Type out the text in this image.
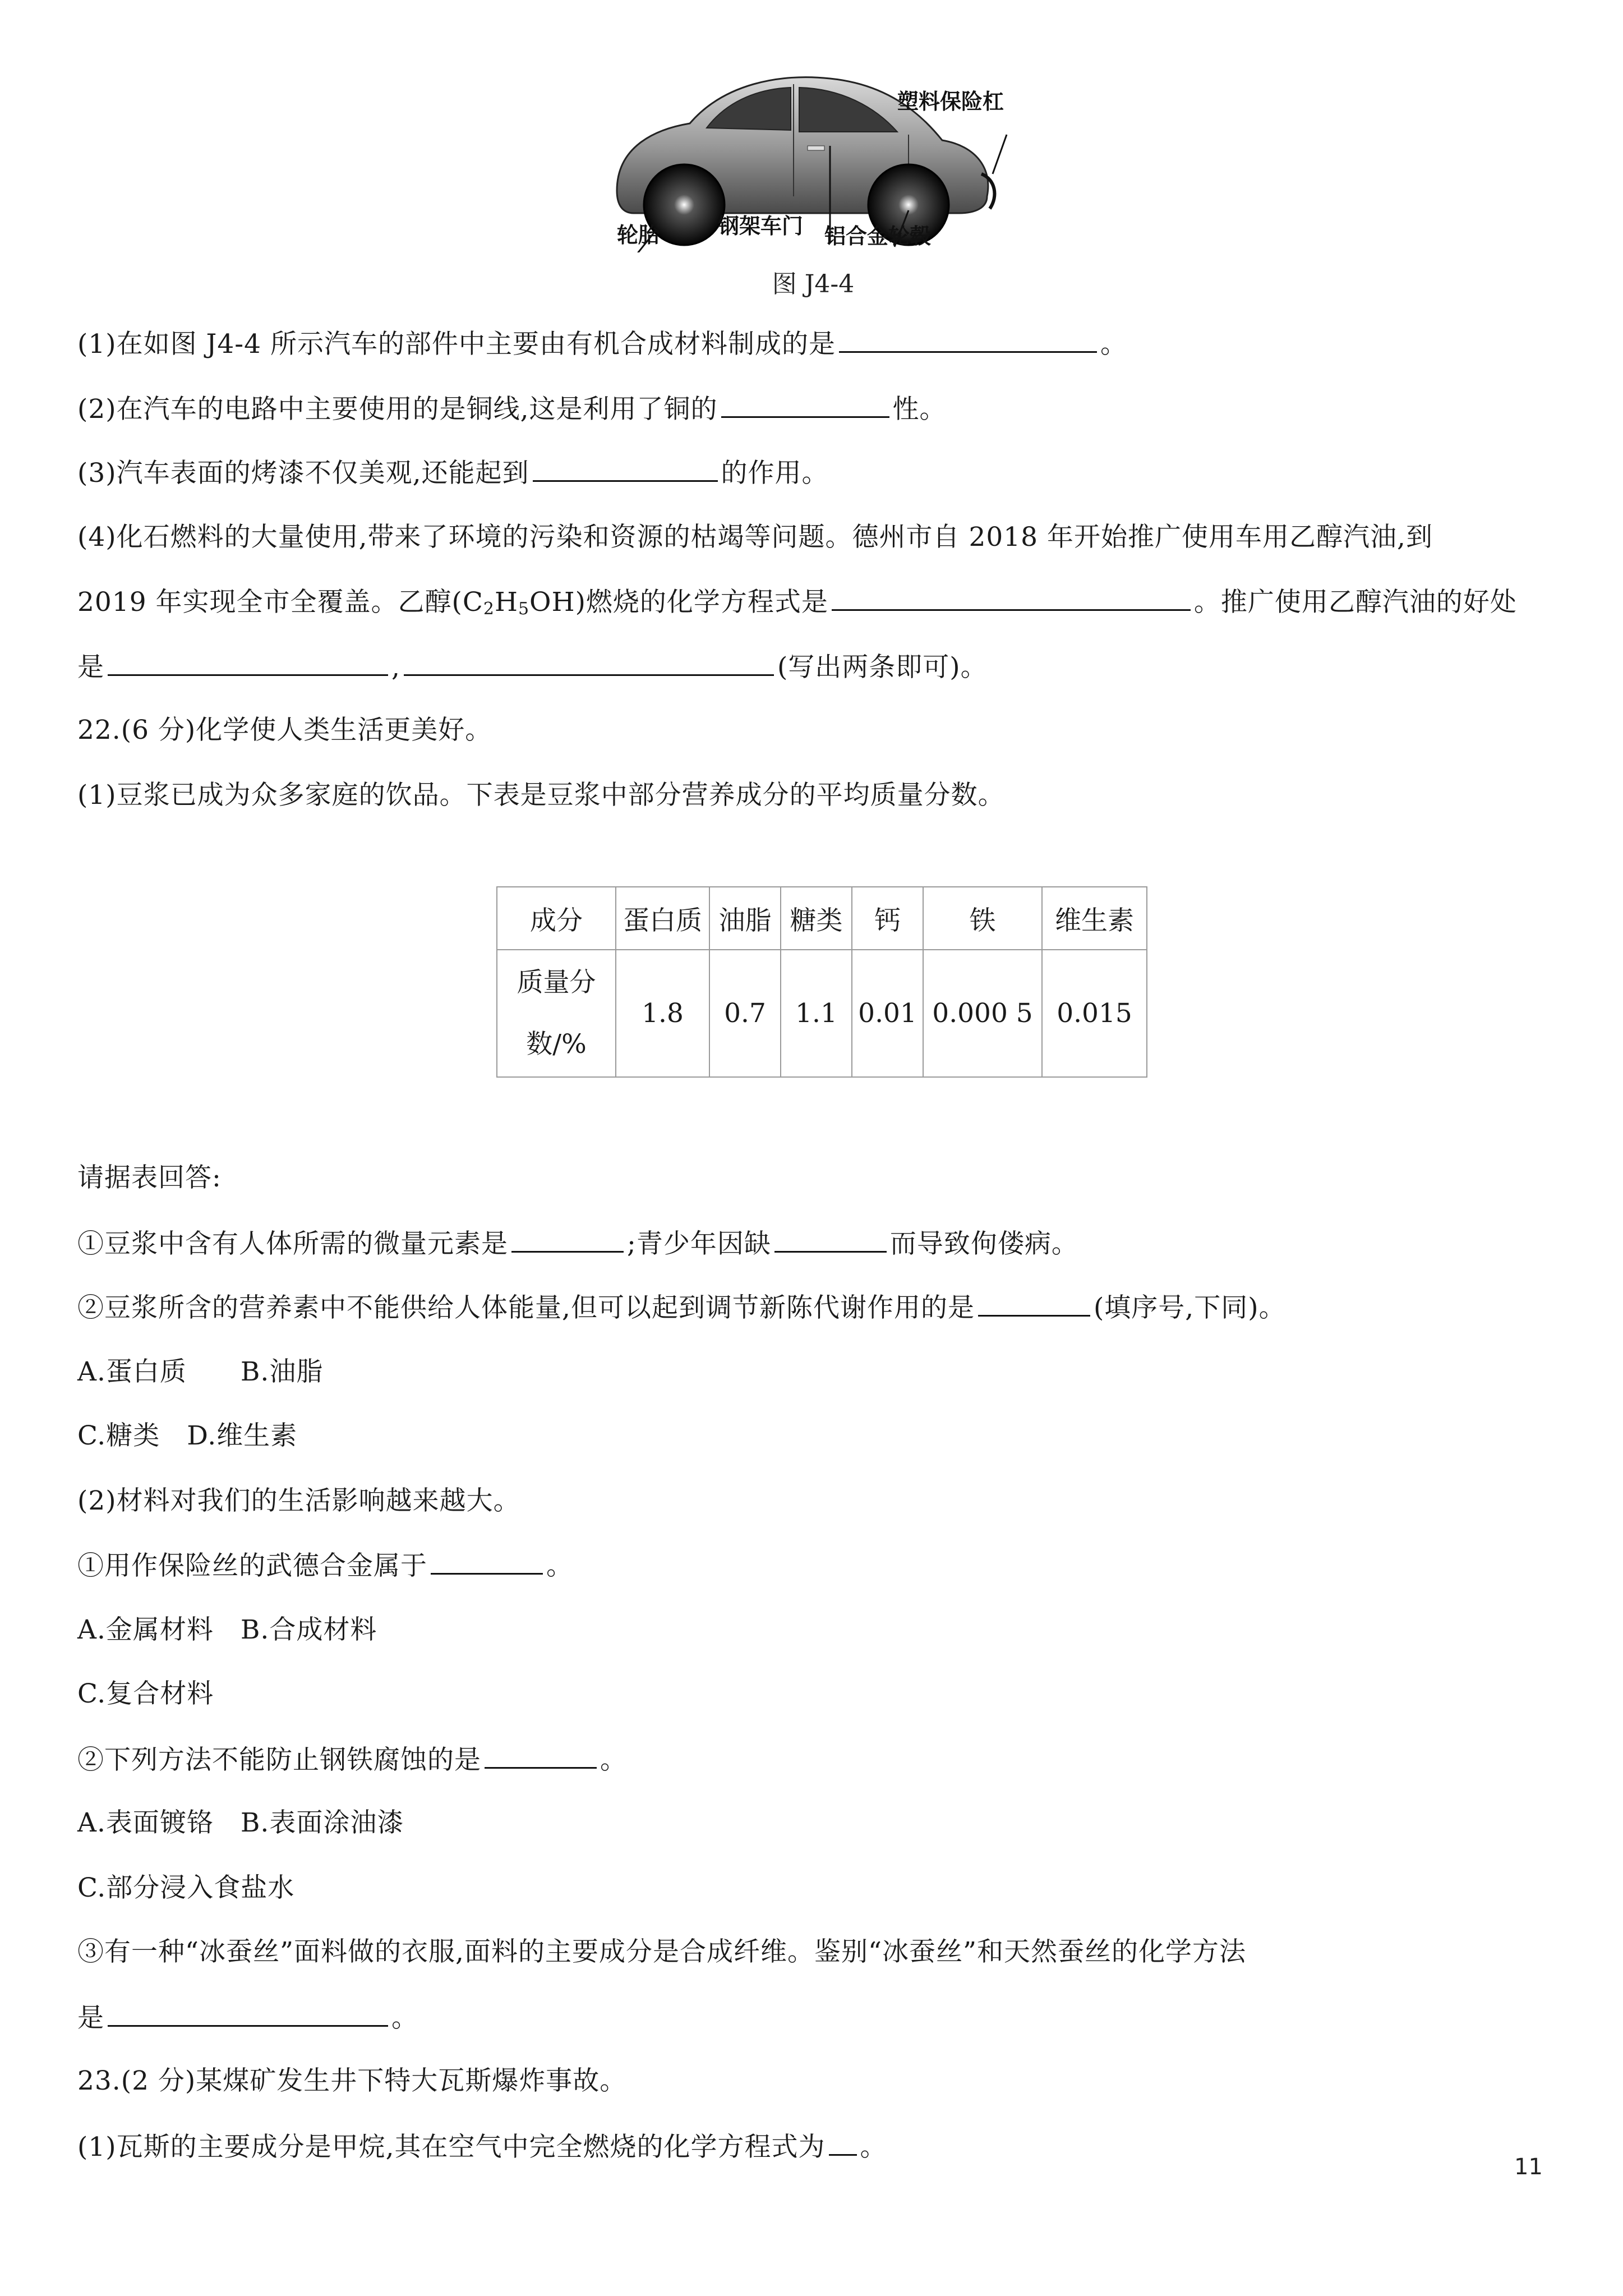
塑料保险杠
轮胎	钢架车门 铝合金轮毂
图 J4-4
(1)在如图 J4-4 所示汽车的部件中主要由有机合成材料制成的是	。
(2)在汽车的电路中主要使用的是铜线,这是利用了铜的	性。
(3)汽车表面的烤漆不仅美观,还能起到	的作用。
(4)化石燃料的大量使用,带来了环境的污染和资源的枯竭等问题。德州市自 2018 年开始推广使用车用乙醇汽油,到
2019 年实现全市全覆盖。乙醇$(C_2H_5OH)$燃烧的化学方程式是	。推广使用乙醇汽油的好处
是	,	(写出两条即可)。
22.(6 分)化学使人类生活更美好。
(1)豆浆已成为众多家庭的饮品。下表是豆浆中部分营养成分的平均质量分数。
成分	蛋白质	油脂	糖类	钙	铁	维生素

质量分
数/%	1.8	0.7	1.1	0.01	0.000 5	0.015
请据表回答:
①豆浆中含有人体所需的微量元素是	;青少年因缺	而导致佝偻病。
②豆浆所含的营养素中不能供给人体能量,但可以起到调节新陈代谢作用的是	(填序号,下同)。
A.蛋白质　　B.油脂
C.糖类　D.维生素
(2)材料对我们的生活影响越来越大。
①用作保险丝的武德合金属于	。
A.金属材料　B.合成材料
C.复合材料
②下列方法不能防止钢铁腐蚀的是	。
A.表面镀铬　B.表面涂油漆
C.部分浸入食盐水
③有一种“冰蚕丝”面料做的衣服,面料的主要成分是合成纤维。鉴别“冰蚕丝”和天然蚕丝的化学方法
是	。
23.(2 分)某煤矿发生井下特大瓦斯爆炸事故。
(1)瓦斯的主要成分是甲烷,其在空气中完全燃烧的化学方程式为 。
11
